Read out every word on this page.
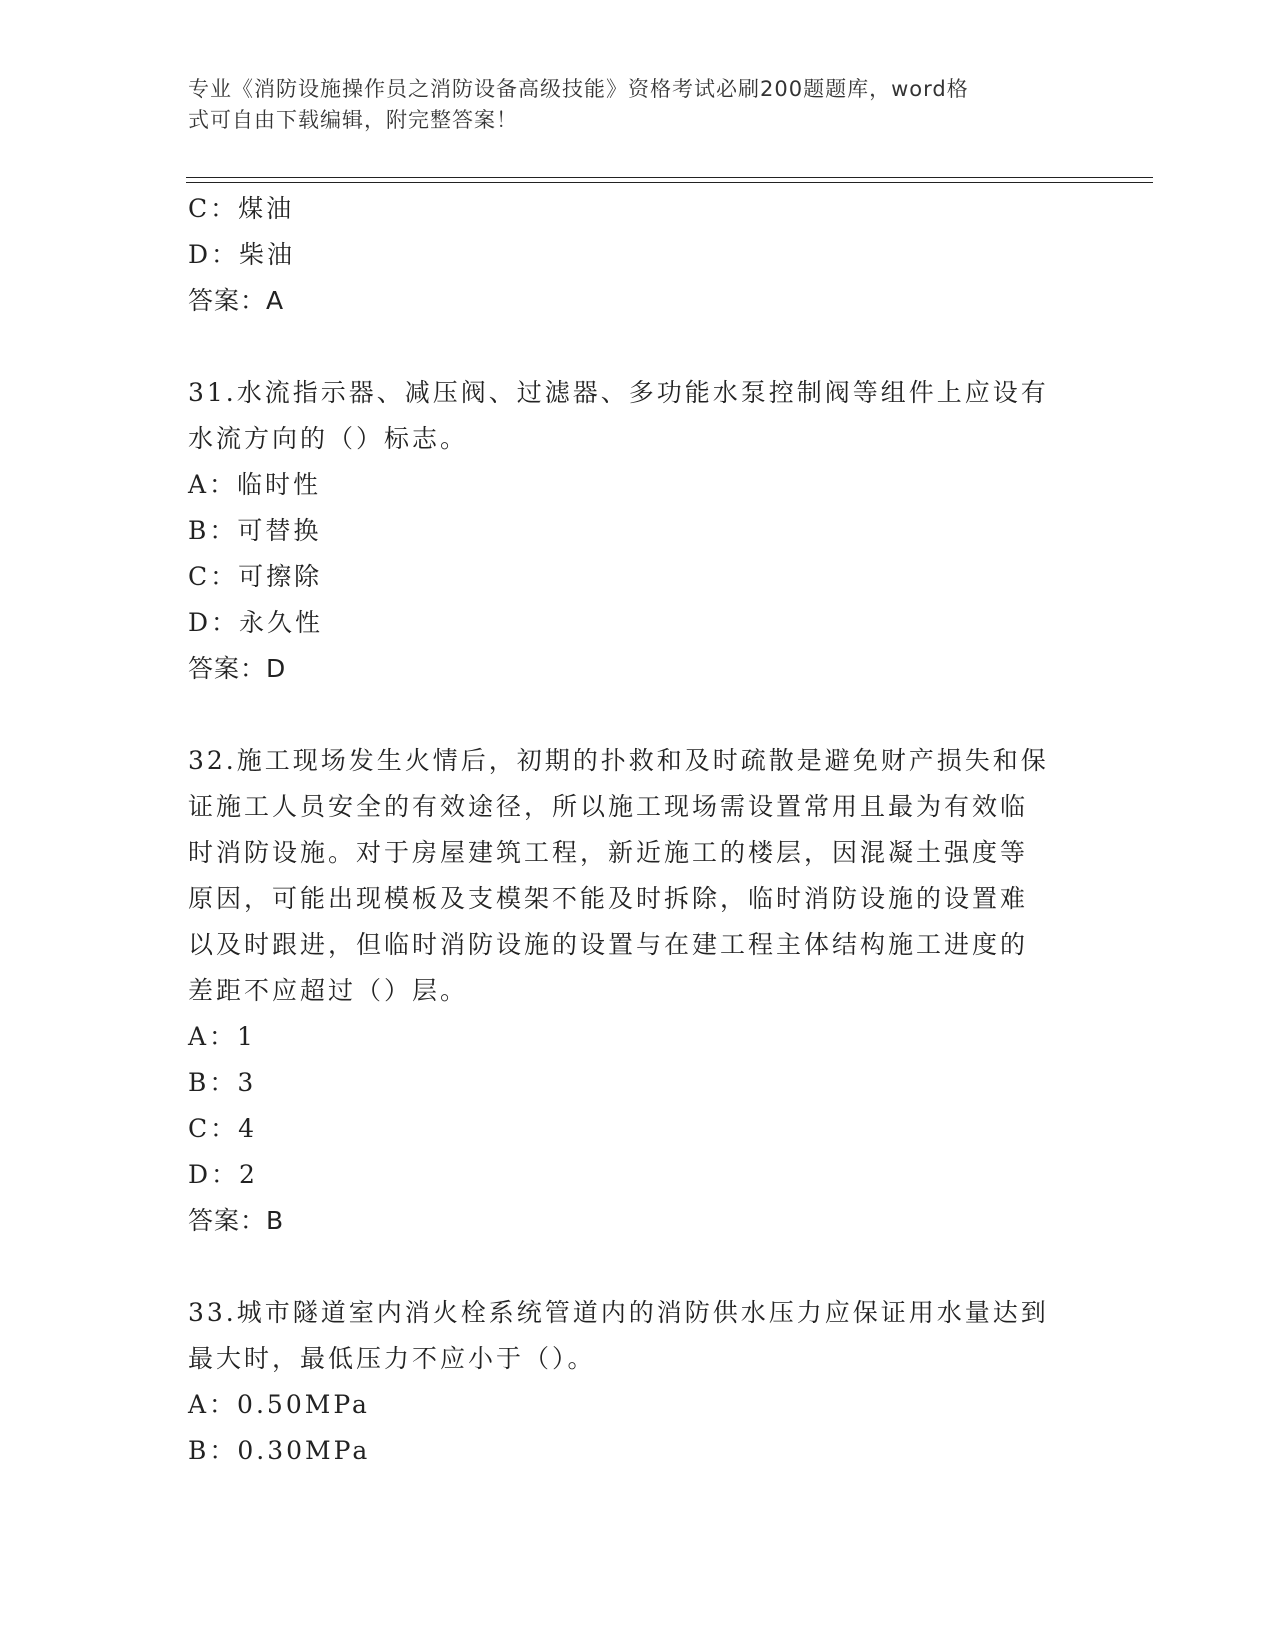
专业《消防设施操作员之消防设备高级技能》资格考试必刷200题题库，word格
式可自由下载编辑，附完整答案！
C：煤油
D：柴油
答案：A
31.水流指示器、减压阀、过滤器、多功能水泵控制阀等组件上应设有
水流方向的（）标志。
A：临时性
B：可替换
C：可擦除
D：永久性
答案：D
32.施工现场发生火情后，初期的扑救和及时疏散是避免财产损失和保
证施工人员安全的有效途径，所以施工现场需设置常用且最为有效临
时消防设施。对于房屋建筑工程，新近施工的楼层，因混凝土强度等
原因，可能出现模板及支模架不能及时拆除，临时消防设施的设置难
以及时跟进，但临时消防设施的设置与在建工程主体结构施工进度的
差距不应超过（）层。
A：1
B：3
C：4
D：2
答案：B
33.城市隧道室内消火栓系统管道内的消防供水压力应保证用水量达到
最大时，最低压力不应小于（）。
A：0.50MPa
B：0.30MPa
